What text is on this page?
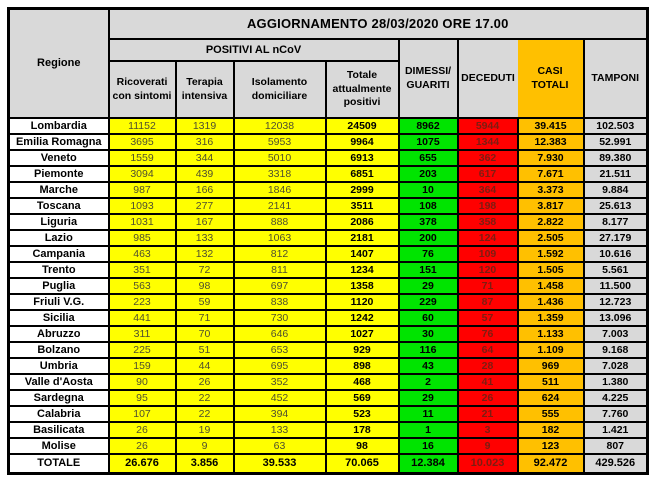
Regione	AGGIORNAMENTO 28/03/2020 ORE 17.00							
	POSITIVI AL nCoV				DIMESSI/ GUARITI	DECEDUTI	CASI TOTALI	TAMPONI
	Ricoverati con sintomi	Terapia intensiva	Isolamento domiciliare	Totale attualmente positivi				
Lombardia	11152	1319	12038	24509	8962	5944	39.415	102.503
Emilia Romagna	3695	316	5953	9964	1075	1344	12.383	52.991
Veneto	1559	344	5010	6913	655	362	7.930	89.380
Piemonte	3094	439	3318	6851	203	617	7.671	21.511
Marche	987	166	1846	2999	10	364	3.373	9.884
Toscana	1093	277	2141	3511	108	198	3.817	25.613
Liguria	1031	167	888	2086	378	358	2.822	8.177
Lazio	985	133	1063	2181	200	124	2.505	27.179
Campania	463	132	812	1407	76	109	1.592	10.616
Trento	351	72	811	1234	151	120	1.505	5.561
Puglia	563	98	697	1358	29	71	1.458	11.500
Friuli V.G.	223	59	838	1120	229	87	1.436	12.723
Sicilia	441	71	730	1242	60	57	1.359	13.096
Abruzzo	311	70	646	1027	30	76	1.133	7.003
Bolzano	225	51	653	929	116	64	1.109	9.168
Umbria	159	44	695	898	43	28	969	7.028
Valle d'Aosta	90	26	352	468	2	41	511	1.380
Sardegna	95	22	452	569	29	26	624	4.225
Calabria	107	22	394	523	11	21	555	7.760
Basilicata	26	19	133	178	1	3	182	1.421
Molise	26	9	63	98	16	9	123	807
TOTALE	26.676	3.856	39.533	70.065	12.384	10.023	92.472	429.526
